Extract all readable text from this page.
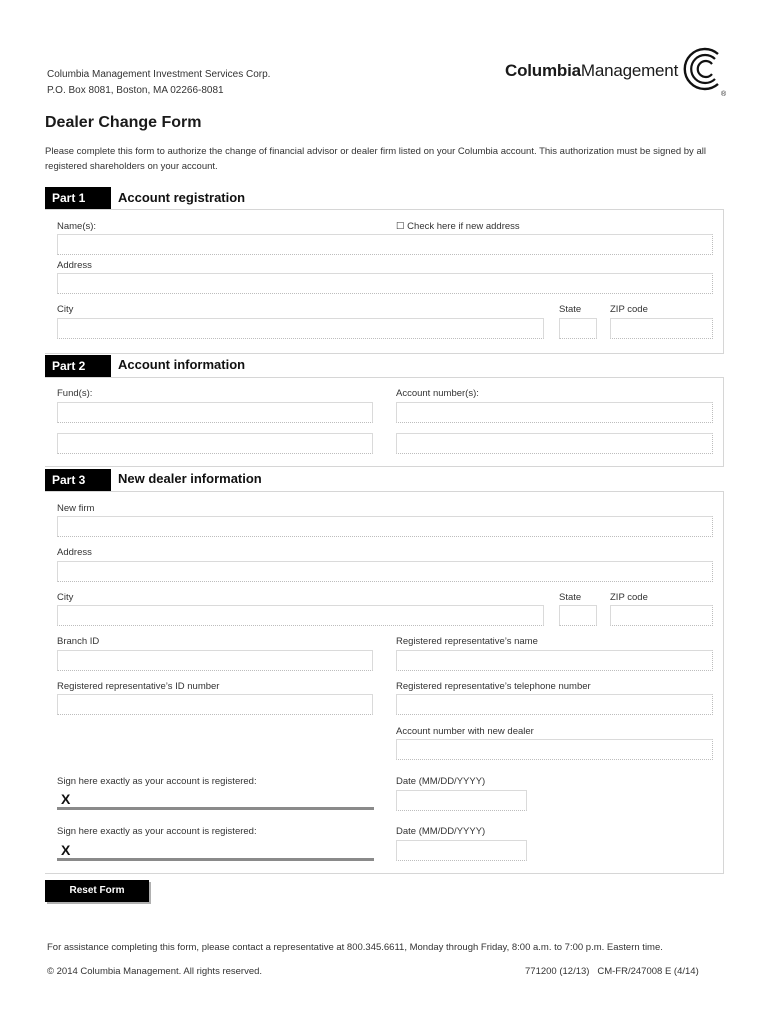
Columbia Management Investment Services Corp.
P.O. Box 8081, Boston, MA 02266-8081
ColumbiaManagement
®
Dealer Change Form
Please complete this form to authorize the change of financial advisor or dealer firm listed on your Columbia account. This authorization must be signed by all registered shareholders on your account.
Part 1	Account registration
Name(s):	☐ Check here if new address
Address
City	State	ZIP code
Part 2	Account information
Fund(s):	Account number(s):
Part 3	New dealer information
New firm
Address
City	State	ZIP code
Branch ID	Registered representative’s name
Registered representative’s ID number	Registered representative’s telephone number
Account number with new dealer
Sign here exactly as your account is registered:	Date (MM/DD/YYYY)
X
Sign here exactly as your account is registered:	Date (MM/DD/YYYY)
X
Reset Form
For assistance completing this form, please contact a representative at 800.345.6611, Monday through Friday, 8:00 a.m. to 7:00 p.m. Eastern time.
© 2014 Columbia Management. All rights reserved.	771200 (12/13)   CM-FR/247008 E (4/14)
